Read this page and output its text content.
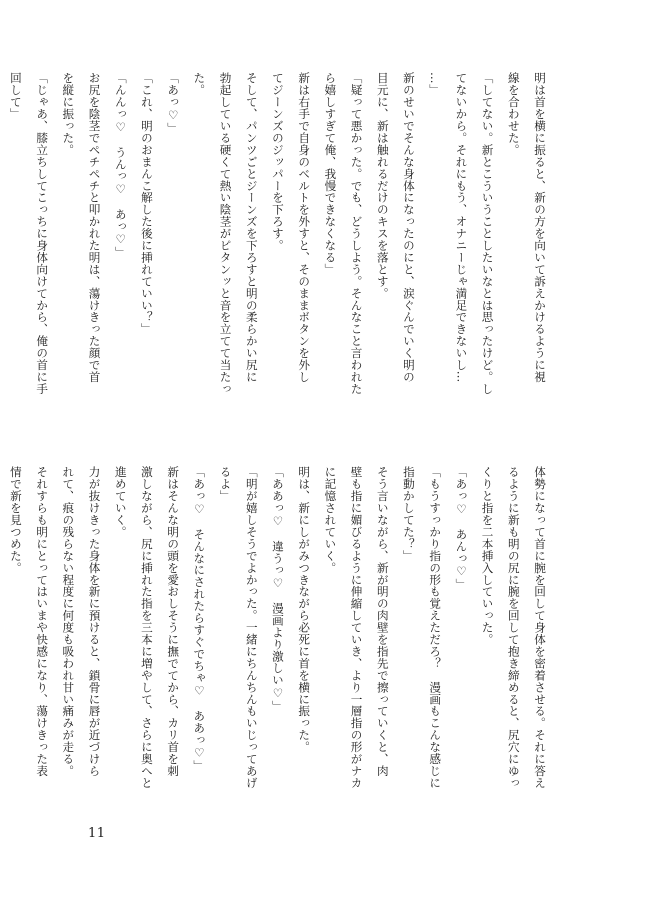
明は首を横に振ると、新の方を向いて訴えかけるように視
線を合わせた。
「してない。新とこういうことしたいなとは思ったけど。し
てないから。それにもう、オナニーじゃ満足できないし…
…」
新のせいでそんな身体になったのにと、涙ぐんでいく明の
目元に、新は触れるだけのキスを落とす。
「疑って悪かった。でも、どうしよう。そんなこと言われた
ら嬉しすぎて俺、我慢できなくなる」
新は右手で自身のベルトを外すと、そのままボタンを外し
てジーンズのジッパーを下ろす。
そして、パンツごとジーンズを下ろすと明の柔らかい尻に
勃起している硬くて熱い陰茎がピタンッと音を立てて当たっ
た。
「あっ♡」
「これ、明のおまんこ解した後に挿れていい？」
「んんっ♡　うんっ♡　あっ♡」
お尻を陰茎でペチペチと叩かれた明は、蕩けきった顔で首
を縦に振った。
「じゃあ、膝立ちしてこっちに身体向けてから、俺の首に手
回して」
体勢になって首に腕を回して身体を密着させる。それに答え
るように新も明の尻に腕を回して抱き締めると、尻穴にゆっ
くりと指を二本挿入していった。
「あっ♡　あんっ♡」
「もうすっかり指の形も覚えただろ？　漫画もこんな感じに
指動かしてた？」
そう言いながら、新が明の肉壁を指先で擦っていくと、肉
壁も指に媚びるように伸縮していき、より一層指の形がナカ
に記憶されていく。
明は、新にしがみつきながら必死に首を横に振った。
「ああっ♡　違うっ♡　漫画より激しい♡」
「明が嬉しそうでよかった。一緒にちんちんもいじってあげ
るよ」
「あっ♡　そんなにされたらすぐでちゃ♡　ああっ♡」
新はそんな明の頭を愛おしそうに撫でてから、カリ首を刺
激しながら、尻に挿れた指を三本に増やして、さらに奥へと
進めていく。
力が抜けきった身体を新に預けると、鎖骨に唇が近づけら
れて、痕の残らない程度に何度も吸われ甘い痛みが走る。
それすらも明にとってはいまや快感になり、蕩けきった表
情で新を見つめた。
11
